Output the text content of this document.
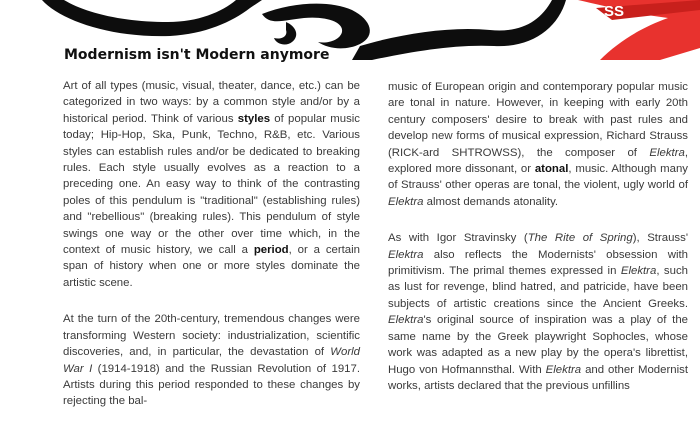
SS
Modernism isn't Modern anymore

Art of all types (music, visual, theater, dance, etc.) can be categorized in two ways: by a common style and/or by a historical period. Think of various styles of popular music today; Hip-Hop, Ska, Punk, Techno, R&B, etc. Various styles can establish rules and/or be dedicated to breaking rules. Each style usually evolves as a reaction to a preceding one. An easy way to think of the contrasting poles of this pendulum is "traditional" (establishing rules) and "rebellious" (breaking rules). This pendulum of style swings one way or the other over time which, in the context of music history, we call a period, or a certain span of history when one or more styles dominate the artistic scene.

At the turn of the 20th-century, tremendous changes were transforming Western society: industrialization, scientific discoveries, and, in particular, the devastation of World War I (1914-1918) and the Russian Revolution of 1917. Artists during this period responded to these changes by rejecting the bal-

music of European origin and contemporary popular music are tonal in nature. However, in keeping with early 20th century composers' desire to break with past rules and develop new forms of musical expression, Richard Strauss (RICK-ard SHTROWSS), the composer of Elektra, explored more dissonant, or atonal, music. Although many of Strauss' other operas are tonal, the violent, ugly world of Elektra almost demands atonality.

As with Igor Stravinsky (The Rite of Spring), Strauss' Elektra also reflects the Modernists' obsession with primitivism. The primal themes expressed in Elektra, such as lust for revenge, blind hatred, and patricide, have been subjects of artistic creations since the Ancient Greeks. Elektra's original source of inspiration was a play of the same name by the Greek playwright Sophocles, whose work was adapted as a new play by the opera's librettist, Hugo von Hofmannsthal. With Elektra and other Modernist works, artists declared that the previous unfillins
